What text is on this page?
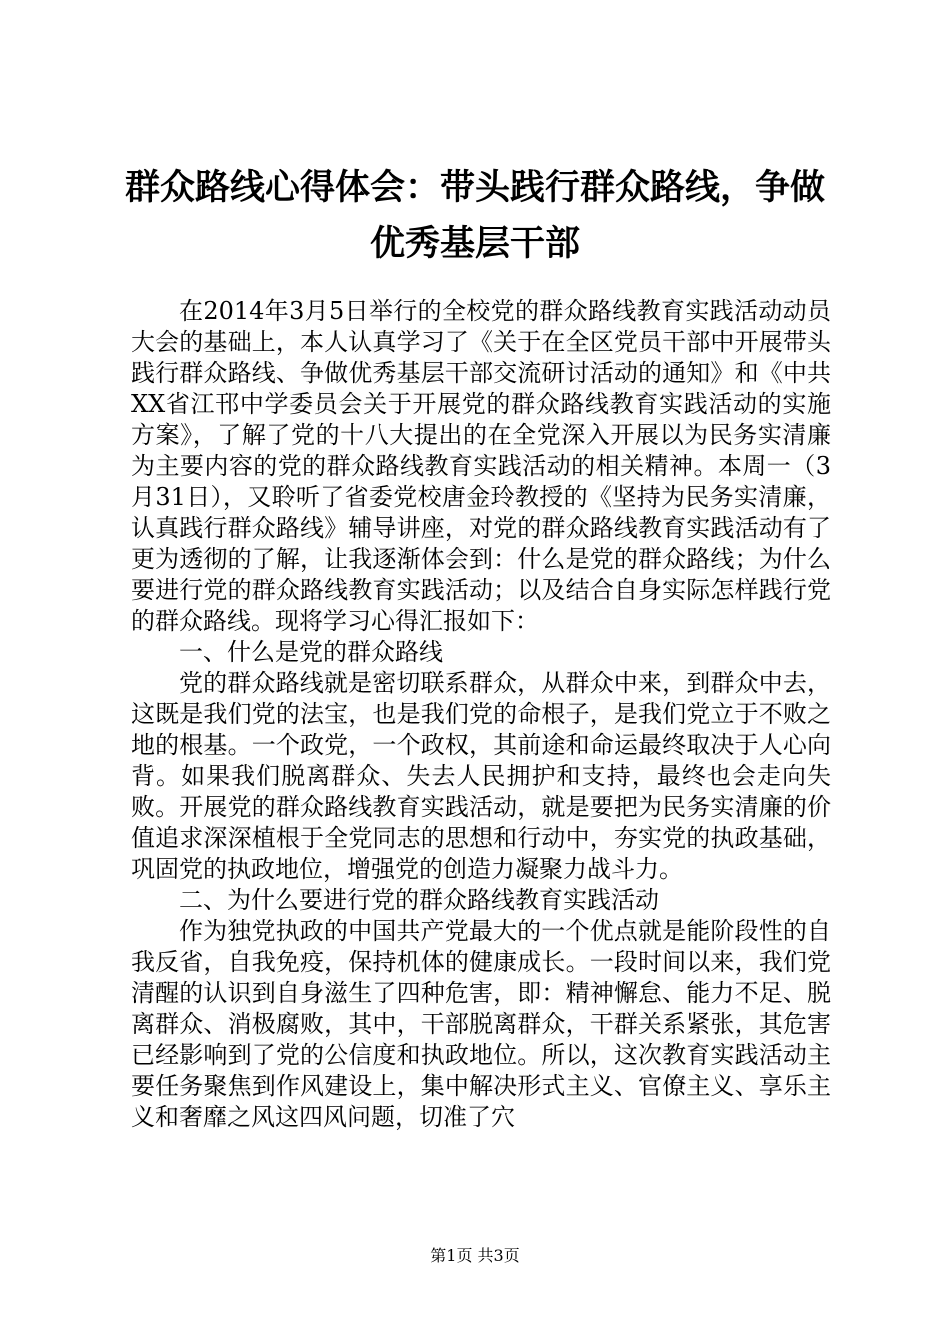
群众路线心得体会：带头践行群众路线，争做
优秀基层干部

在2014年3月5日举行的全校党的群众路线教育实践活动动员大会的基础上，本人认真学习了《关于在全区党员干部中开展带头践行群众路线、争做优秀基层干部交流研讨活动的通知》和《中共XX省江邗中学委员会关于开展党的群众路线教育实践活动的实施方案》，了解了党的十八大提出的在全党深入开展以为民务实清廉为主要内容的党的群众路线教育实践活动的相关精神。本周一（3月31日），又聆听了省委党校唐金玲教授的《坚持为民务实清廉，认真践行群众路线》辅导讲座，对党的群众路线教育实践活动有了更为透彻的了解，让我逐渐体会到：什么是党的群众路线；为什么要进行党的群众路线教育实践活动；以及结合自身实际怎样践行党的群众路线。现将学习心得汇报如下：

一、什么是党的群众路线

党的群众路线就是密切联系群众，从群众中来，到群众中去，这既是我们党的法宝，也是我们党的命根子，是我们党立于不败之地的根基。一个政党，一个政权，其前途和命运最终取决于人心向背。如果我们脱离群众、失去人民拥护和支持，最终也会走向失败。开展党的群众路线教育实践活动，就是要把为民务实清廉的价值追求深深植根于全党同志的思想和行动中，夯实党的执政基础，巩固党的执政地位，增强党的创造力凝聚力战斗力。

二、为什么要进行党的群众路线教育实践活动

作为独党执政的中国共产党最大的一个优点就是能阶段性的自我反省，自我免疫，保持机体的健康成长。一段时间以来，我们党清醒的认识到自身滋生了四种危害，即：精神懈怠、能力不足、脱离群众、消极腐败，其中，干部脱离群众，干群关系紧张，其危害已经影响到了党的公信度和执政地位。所以，这次教育实践活动主要任务聚焦到作风建设上，集中解决形式主义、官僚主义、享乐主义和奢靡之风这四风问题，切准了穴

第1页 共3页
